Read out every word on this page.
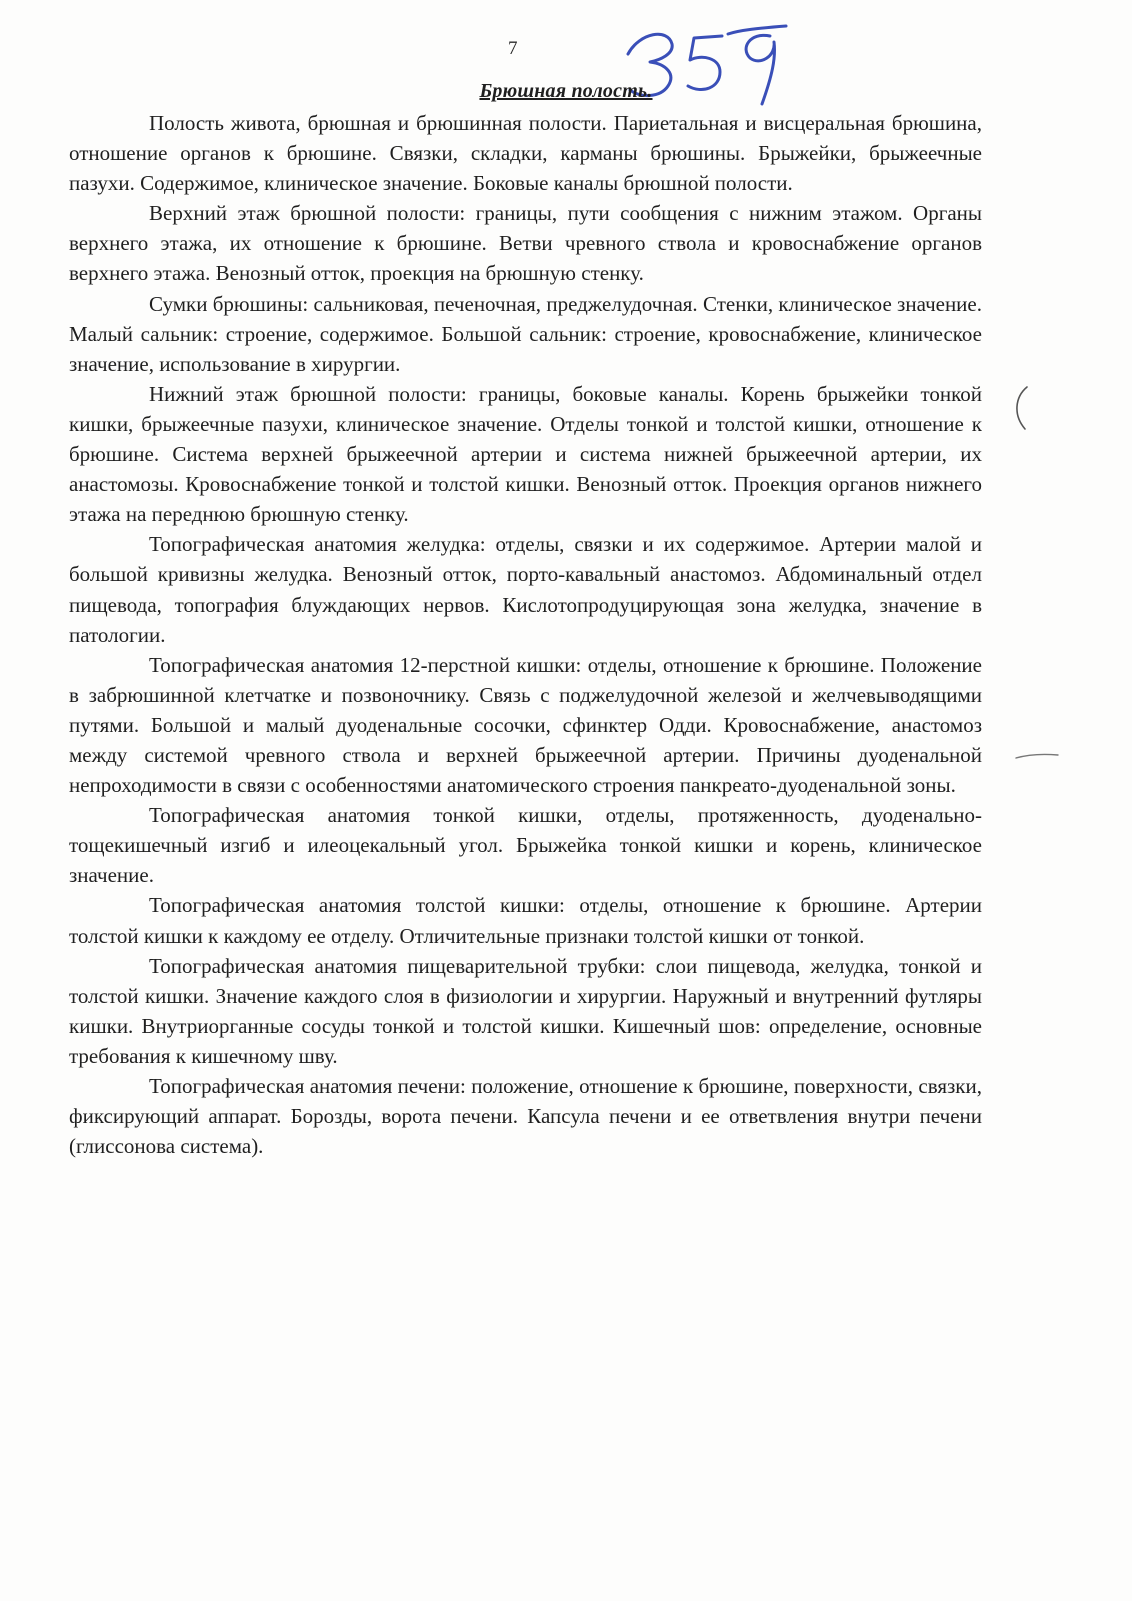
7
Брюшная полость.

Полость живота, брюшная и брюшинная полости. Париетальная и висцеральная брюшина, отношение органов к брюшине. Связки, складки, карманы брюшины. Брыжейки, брыжеечные пазухи. Содержимое, клиническое значение. Боковые каналы брюшной полости.

Верхний этаж брюшной полости: границы, пути сообщения с нижним этажом. Органы верхнего этажа, их отношение к брюшине. Ветви чревного ствола и кровоснабжение органов верхнего этажа. Венозный отток, проекция на брюшную стенку.

Сумки брюшины: сальниковая, печеночная, преджелудочная. Стенки, клиническое значение. Малый сальник: строение, содержимое. Большой сальник: строение, кровоснабжение, клиническое значение, использование в хирургии.

Нижний этаж брюшной полости: границы, боковые каналы. Корень брыжейки тонкой кишки, брыжеечные пазухи, клиническое значение. Отделы тонкой и толстой кишки, отношение к брюшине. Система верхней брыжеечной артерии и система нижней брыжеечной артерии, их анастомозы. Кровоснабжение тонкой и толстой кишки. Венозный отток. Проекция органов нижнего этажа на переднюю брюшную стенку.

Топографическая анатомия желудка: отделы, связки и их содержимое. Артерии малой и большой кривизны желудка. Венозный отток, порто-кавальный анастомоз. Абдоминальный отдел пищевода, топография блуждающих нервов. Кислотопродуцирующая зона желудка, значение в патологии.

Топографическая анатомия 12-перстной кишки: отделы, отношение к брюшине. Положение в забрюшинной клетчатке и позвоночнику. Связь с поджелудочной железой и желчевыводящими путями. Большой и малый дуоденальные сосочки, сфинктер Одди. Кровоснабжение, анастомоз между системой чревного ствола и верхней брыжеечной артерии. Причины дуоденальной непроходимости в связи с особенностями анатомического строения панкреато-дуоденальной зоны.

Топографическая анатомия тонкой кишки, отделы, протяженность, дуоденально-тощекишечный изгиб и илеоцекальный угол. Брыжейка тонкой кишки и корень, клиническое значение.

Топографическая анатомия толстой кишки: отделы, отношение к брюшине. Артерии толстой кишки к каждому ее отделу. Отличительные признаки толстой кишки от тонкой.

Топографическая анатомия пищеварительной трубки: слои пищевода, желудка, тонкой и толстой кишки. Значение каждого слоя в физиологии и хирургии. Наружный и внутренний футляры кишки. Внутриорганные сосуды тонкой и толстой кишки. Кишечный шов: определение, основные требования к кишечному шву.

Топографическая анатомия печени: положение, отношение к брюшине, поверхности, связки, фиксирующий аппарат. Борозды, ворота печени. Капсула печени и ее ответвления внутри печени (глиссонова система).
